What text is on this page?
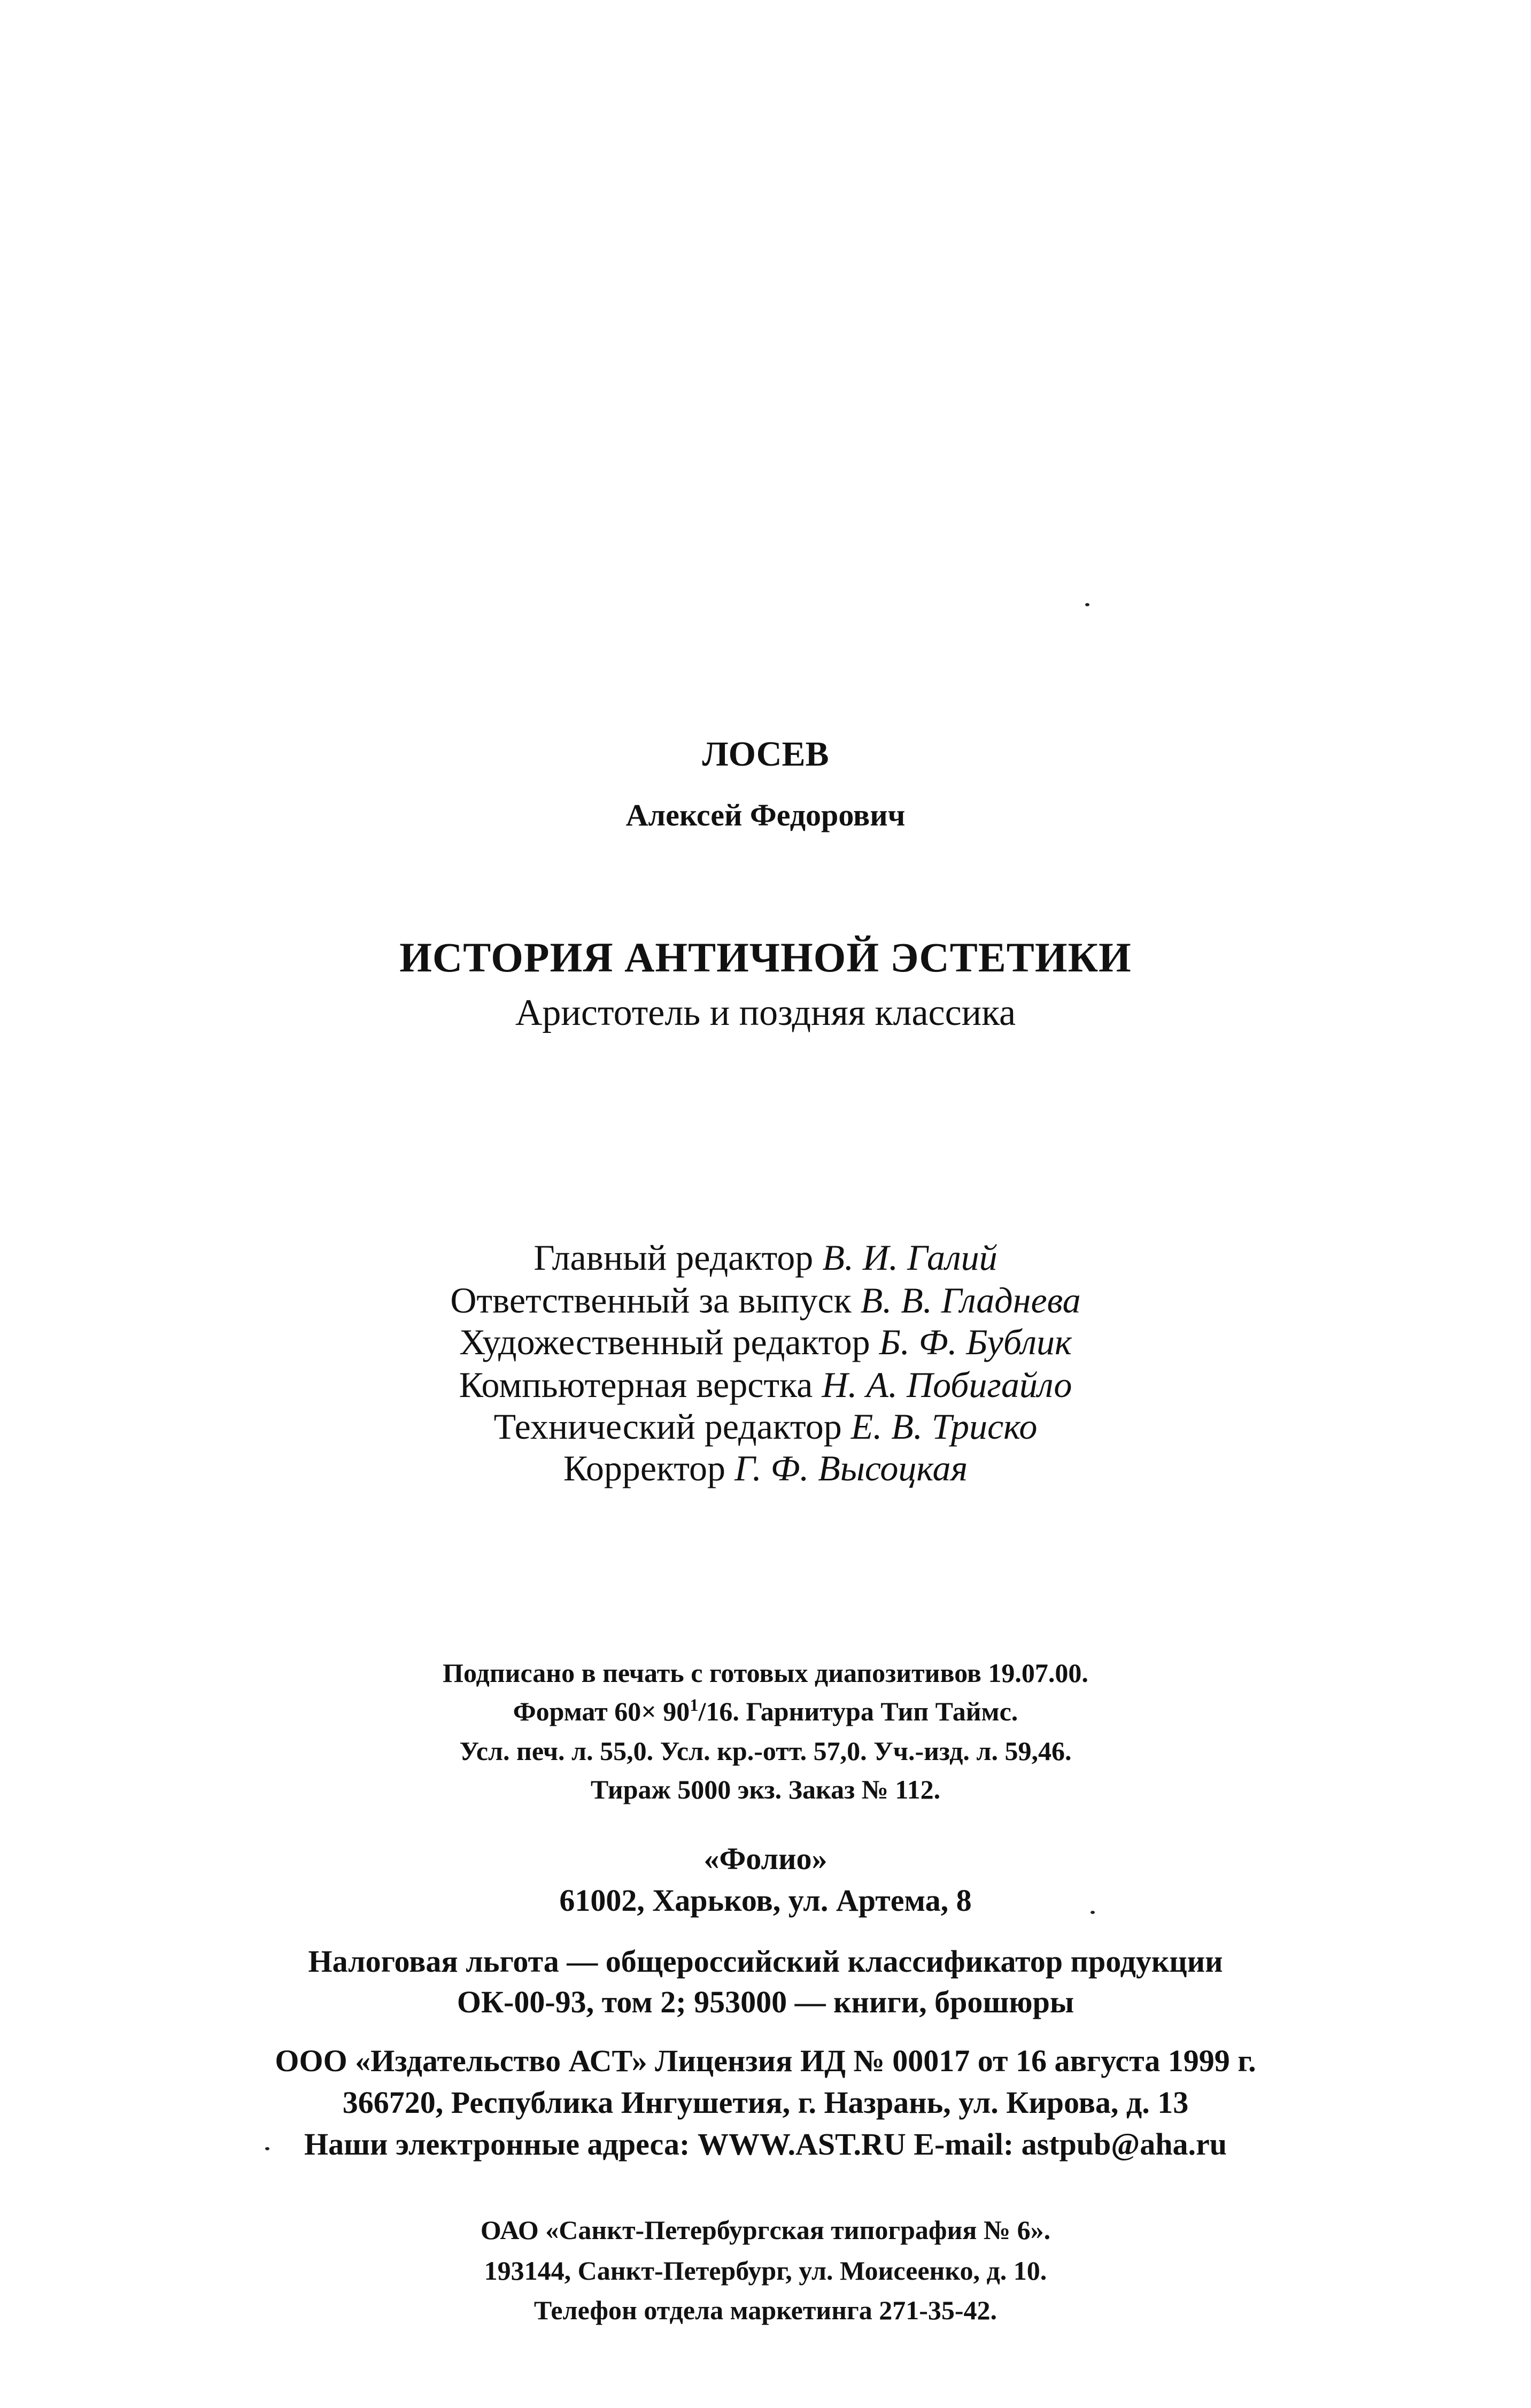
ЛОСЕВ
Алексей Федорович
ИСТОРИЯ АНТИЧНОЙ ЭСТЕТИКИ
Аристотель и поздняя классика
Главный редактор В. И. Галий
Ответственный за выпуск В. В. Гладнева
Художественный редактор Б. Ф. Бублик
Компьютерная верстка Н. А. Побигайло
Технический редактор Е. В. Триско
Корректор Г. Ф. Высоцкая
Подписано в печать с готовых диапозитивов 19.07.00.
Формат $60\times 90^1/16$. Гарнитура Тип Таймс.
Усл. печ. л. 55,0. Усл. кр.-отт. 57,0. Уч.-изд. л. 59,46.
Тираж 5000 экз. Заказ № 112.
«Фолио»
61002, Харьков, ул. Артема, 8
Налоговая льгота — общероссийский классификатор продукции
ОК-00-93, том 2; 953000 — книги, брошюры
ООО «Издательство АСТ» Лицензия ИД № 00017 от 16 августа 1999 г.
366720, Республика Ингушетия, г. Назрань, ул. Кирова, д. 13
Наши электронные адреса: WWW.AST.RU E-mail: astpub@aha.ru
ОАО «Санкт-Петербургская типография № 6».
193144, Санкт-Петербург, ул. Моисеенко, д. 10.
Телефон отдела маркетинга 271-35-42.
